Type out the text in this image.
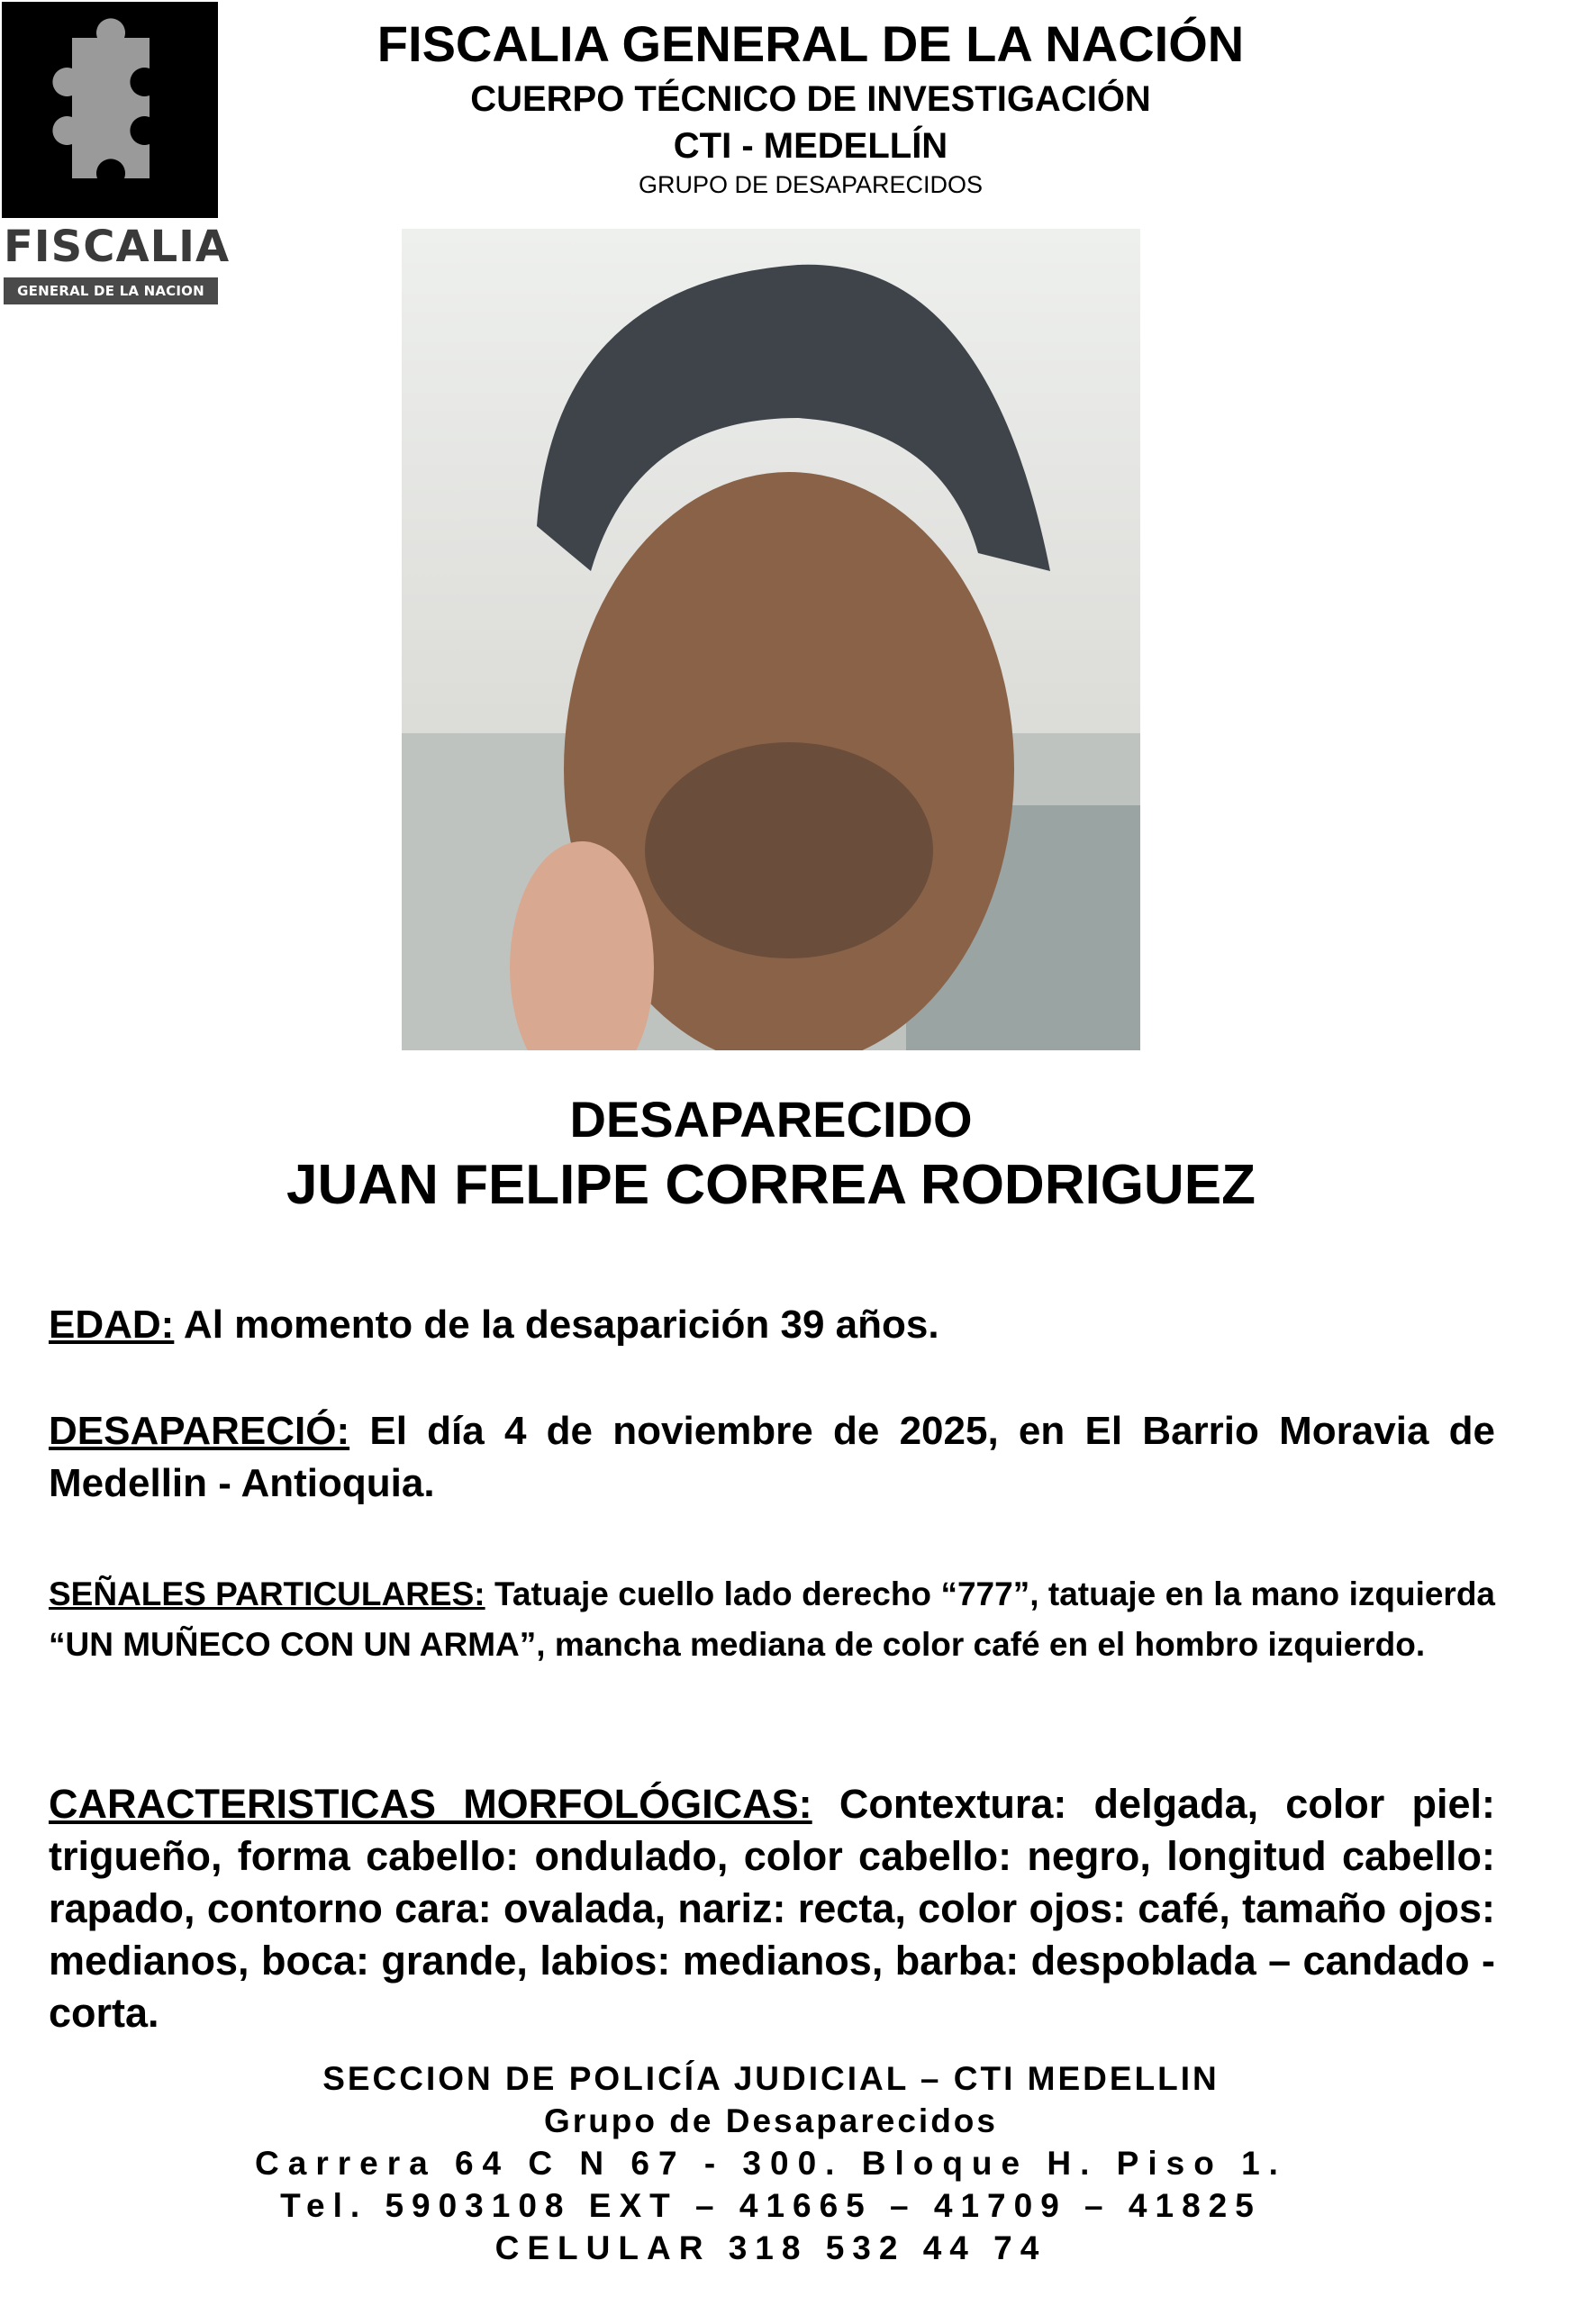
FISCALIA
GENERAL DE LA NACION
FISCALIA GENERAL DE LA NACIÓN
CUERPO TÉCNICO DE INVESTIGACIÓN
CTI - MEDELLÍN
GRUPO DE DESAPARECIDOS
DESAPARECIDO
JUAN FELIPE CORREA RODRIGUEZ
EDAD: Al momento de la desaparición 39 años.
DESAPARECIÓ: El día 4 de noviembre de 2025, en El Barrio Moravia de Medellin - Antioquia.
SEÑALES PARTICULARES: Tatuaje cuello lado derecho “777”, tatuaje en la mano izquierda “UN MUÑECO CON UN ARMA”, mancha mediana de color café en el hombro izquierdo.
CARACTERISTICAS MORFOLÓGICAS: Contextura: delgada, color piel: trigueño, forma cabello: ondulado, color cabello: negro, longitud cabello: rapado, contorno cara: ovalada, nariz: recta, color ojos: café, tamaño ojos: medianos, boca: grande, labios: medianos, barba: despoblada – candado - corta.
SECCION DE POLICÍA JUDICIAL – CTI MEDELLIN
Grupo de Desaparecidos
Carrera 64 C N 67 - 300. Bloque H. Piso 1.
Tel. 5903108 EXT – 41665 – 41709 – 41825
CELULAR 318 532 44 74
